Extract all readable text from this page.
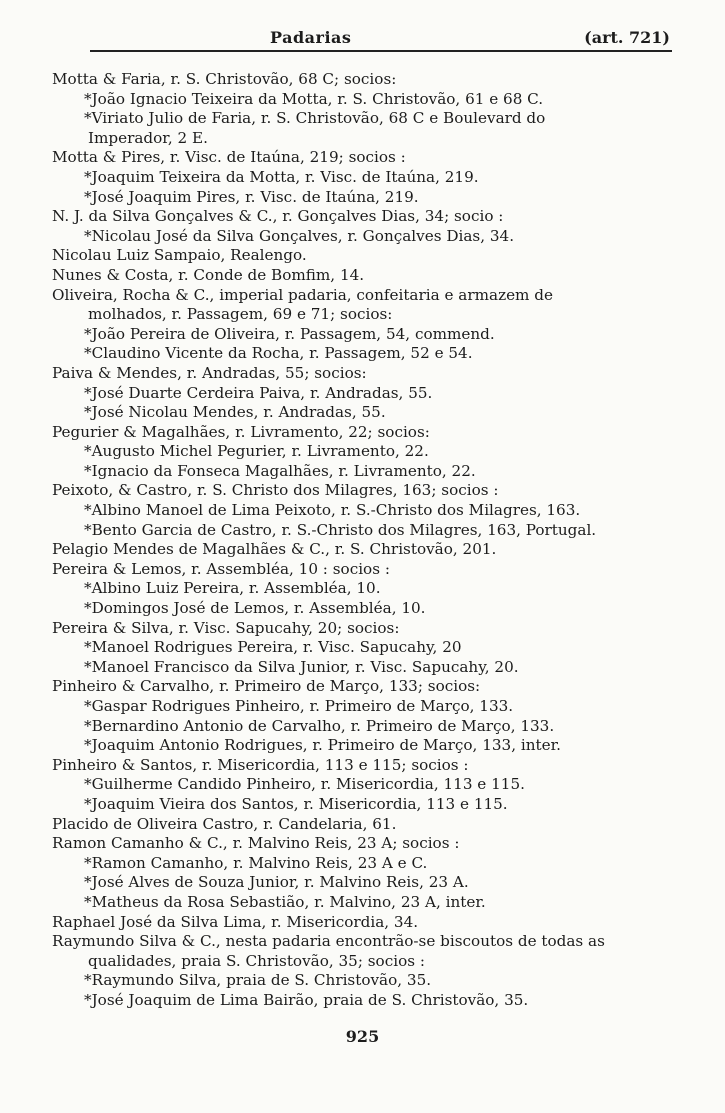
Padarias	(art. 721)
Motta & Faria, r. S. Christovão, 68 C; socios:
*João Ignacio Teixeira da Motta, r. S. Christovão, 61 e 68 C.
*Viriato Julio de Faria, r. S. Christovão, 68 C e Boulevard do
Imperador, 2 E.
Motta & Pires, r. Visc. de Itaúna, 219; socios :
*Joaquim Teixeira da Motta, r. Visc. de Itaúna, 219.
*José Joaquim Pires, r. Visc. de Itaúna, 219.
N. J. da Silva Gonçalves & C., r. Gonçalves Dias, 34; socio :
*Nicolau José da Silva Gonçalves, r. Gonçalves Dias, 34.
Nicolau Luiz Sampaio, Realengo.
Nunes & Costa, r. Conde de Bomfim, 14.
Oliveira, Rocha & C., imperial padaria, confeitaria e armazem de
molhados, r. Passagem, 69 e 71; socios:
*João Pereira de Oliveira, r. Passagem, 54, commend.
*Claudino Vicente da Rocha, r. Passagem, 52 e 54.
Paiva & Mendes, r. Andradas, 55; socios:
*José Duarte Cerdeira Paiva, r. Andradas, 55.
*José Nicolau Mendes, r. Andradas, 55.
Pegurier & Magalhães, r. Livramento, 22; socios:
*Augusto Michel Pegurier, r. Livramento, 22.
*Ignacio da Fonseca Magalhães, r. Livramento, 22.
Peixoto, & Castro, r. S. Christo dos Milagres, 163; socios :
*Albino Manoel de Lima Peixoto, r. S.-Christo dos Milagres, 163.
*Bento Garcia de Castro, r. S.-Christo dos Milagres, 163, Portugal.
Pelagio Mendes de Magalhães & C., r. S. Christovão, 201.
Pereira & Lemos, r. Assembléa, 10 : socios :
*Albino Luiz Pereira, r. Assembléa, 10.
*Domingos José de Lemos, r. Assembléa, 10.
Pereira & Silva, r. Visc. Sapucahy, 20; socios:
*Manoel Rodrigues Pereira, r. Visc. Sapucahy, 20
*Manoel Francisco da Silva Junior, r. Visc. Sapucahy, 20.
Pinheiro & Carvalho, r. Primeiro de Março, 133; socios:
*Gaspar Rodrigues Pinheiro, r. Primeiro de Março, 133.
*Bernardino Antonio de Carvalho, r. Primeiro de Março, 133.
*Joaquim Antonio Rodrigues, r. Primeiro de Março, 133, inter.
Pinheiro & Santos, r. Misericordia, 113 e 115; socios :
*Guilherme Candido Pinheiro, r. Misericordia, 113 e 115.
*Joaquim Vieira dos Santos, r. Misericordia, 113 e 115.
Placido de Oliveira Castro, r. Candelaria, 61.
Ramon Camanho & C., r. Malvino Reis, 23 A; socios :
*Ramon Camanho, r. Malvino Reis, 23 A e C.
*José Alves de Souza Junior, r. Malvino Reis, 23 A.
*Matheus da Rosa Sebastião, r. Malvino, 23 A, inter.
Raphael José da Silva Lima, r. Misericordia, 34.
Raymundo Silva & C., nesta padaria encontrão-se biscoutos de todas as
qualidades, praia S. Christovão, 35; socios :
*Raymundo Silva, praia de S. Christovão, 35.
*José Joaquim de Lima Bairão, praia de S. Christovão, 35.
925
